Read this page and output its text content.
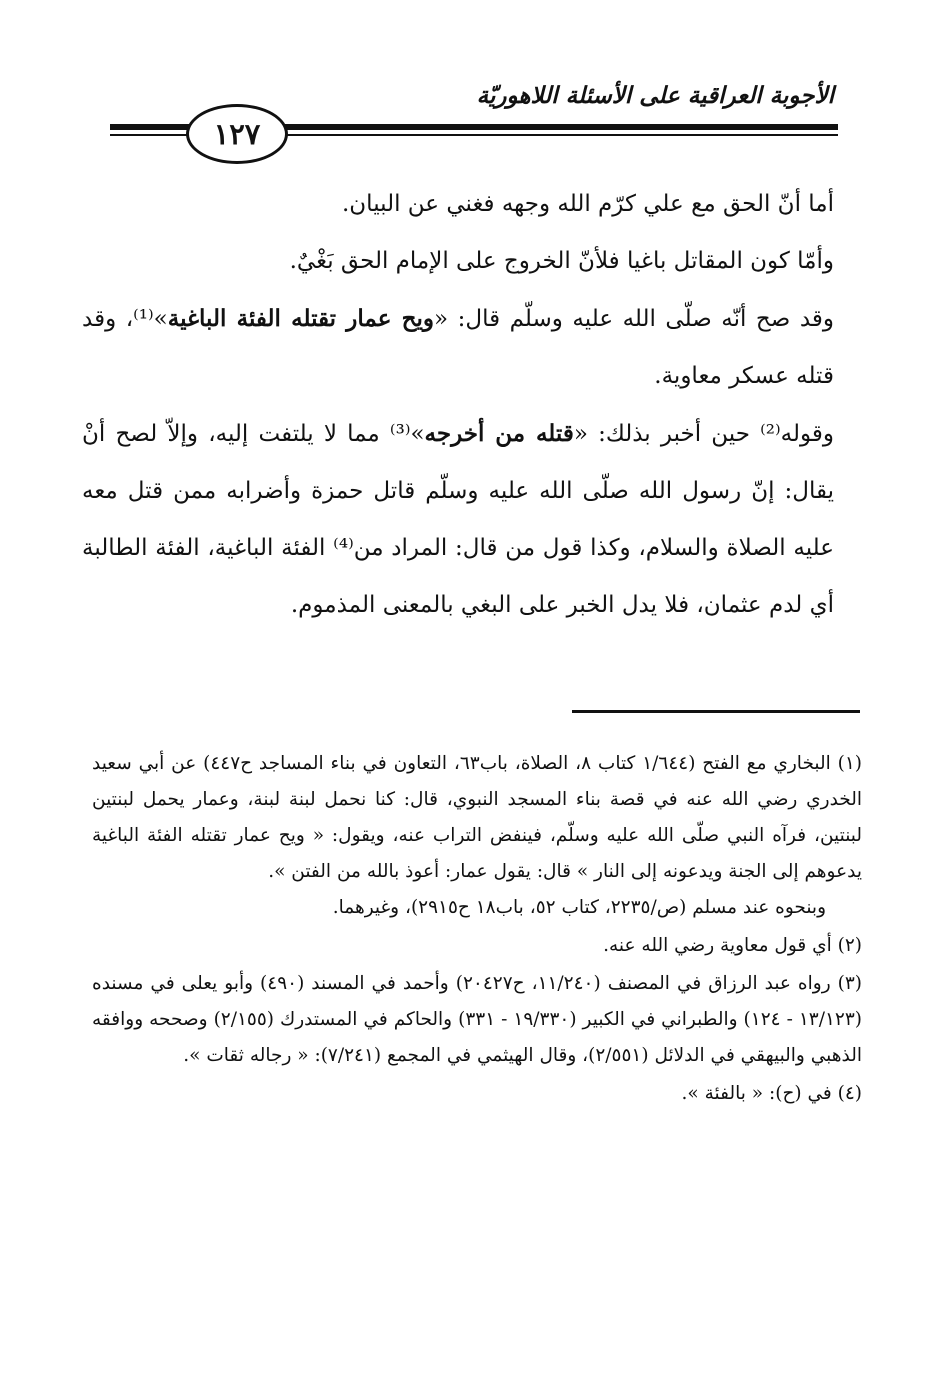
الأجوبة العراقية على الأسئلة اللاهوريّة
١٢٧

أما أنّ الحق مع علي كرّم الله وجهه فغني عن البيان.

وأمّا كون المقاتل باغيا فلأنّ الخروج على الإمام الحق بَغْيٌ.

وقد صح أنّه صلّى الله عليه وسلّم قال: «ويح عمار تقتله الفئة الباغية»⁽¹⁾، وقد قتله عسكر معاوية.

وقوله⁽²⁾ حين أخبر بذلك: «قتله من أخرجه»⁽³⁾ مما لا يلتفت إليه، وإلاّ لصح أنْ يقال: إنّ رسول الله صلّى الله عليه وسلّم قاتل حمزة وأضرابه ممن قتل معه عليه الصلاة والسلام، وكذا قول من قال: المراد من⁽⁴⁾ الفئة الباغية، الفئة الطالبة أي لدم عثمان، فلا يدل الخبر على البغي بالمعنى المذموم.

(١) البخاري مع الفتح (١/٦٤٤ كتاب ٨، الصلاة، باب٦٣، التعاون في بناء المساجد ح٤٤٧) عن أبي سعيد الخدري رضي الله عنه في قصة بناء المسجد النبوي، قال: كنا نحمل لبنة لبنة، وعمار يحمل لبنتين لبنتين، فرآه النبي صلّى الله عليه وسلّم، فينفض التراب عنه، ويقول: « ويح عمار تقتله الفئة الباغية يدعوهم إلى الجنة ويدعونه إلى النار » قال: يقول عمار: أعوذ بالله من الفتن ».
وبنحوه عند مسلم (ص/٢٢٣٥، كتاب ٥٢، باب١٨ ح٢٩١٥)، وغيرهما.
(٢) أي قول معاوية رضي الله عنه.
(٣) رواه عبد الرزاق في المصنف (١١/٢٤٠، ح٢٠٤٢٧) وأحمد في المسند (٤٩٠) وأبو يعلى في مسنده (١٣/١٢٣ - ١٢٤) والطبراني في الكبير (١٩/٣٣٠ - ٣٣١) والحاكم في المستدرك (٢/١٥٥) وصححه ووافقه الذهبي والبيهقي في الدلائل (٢/٥٥١)، وقال الهيثمي في المجمع (٧/٢٤١): « رجاله ثقات ».
(٤) في (ح): « بالفئة ».
